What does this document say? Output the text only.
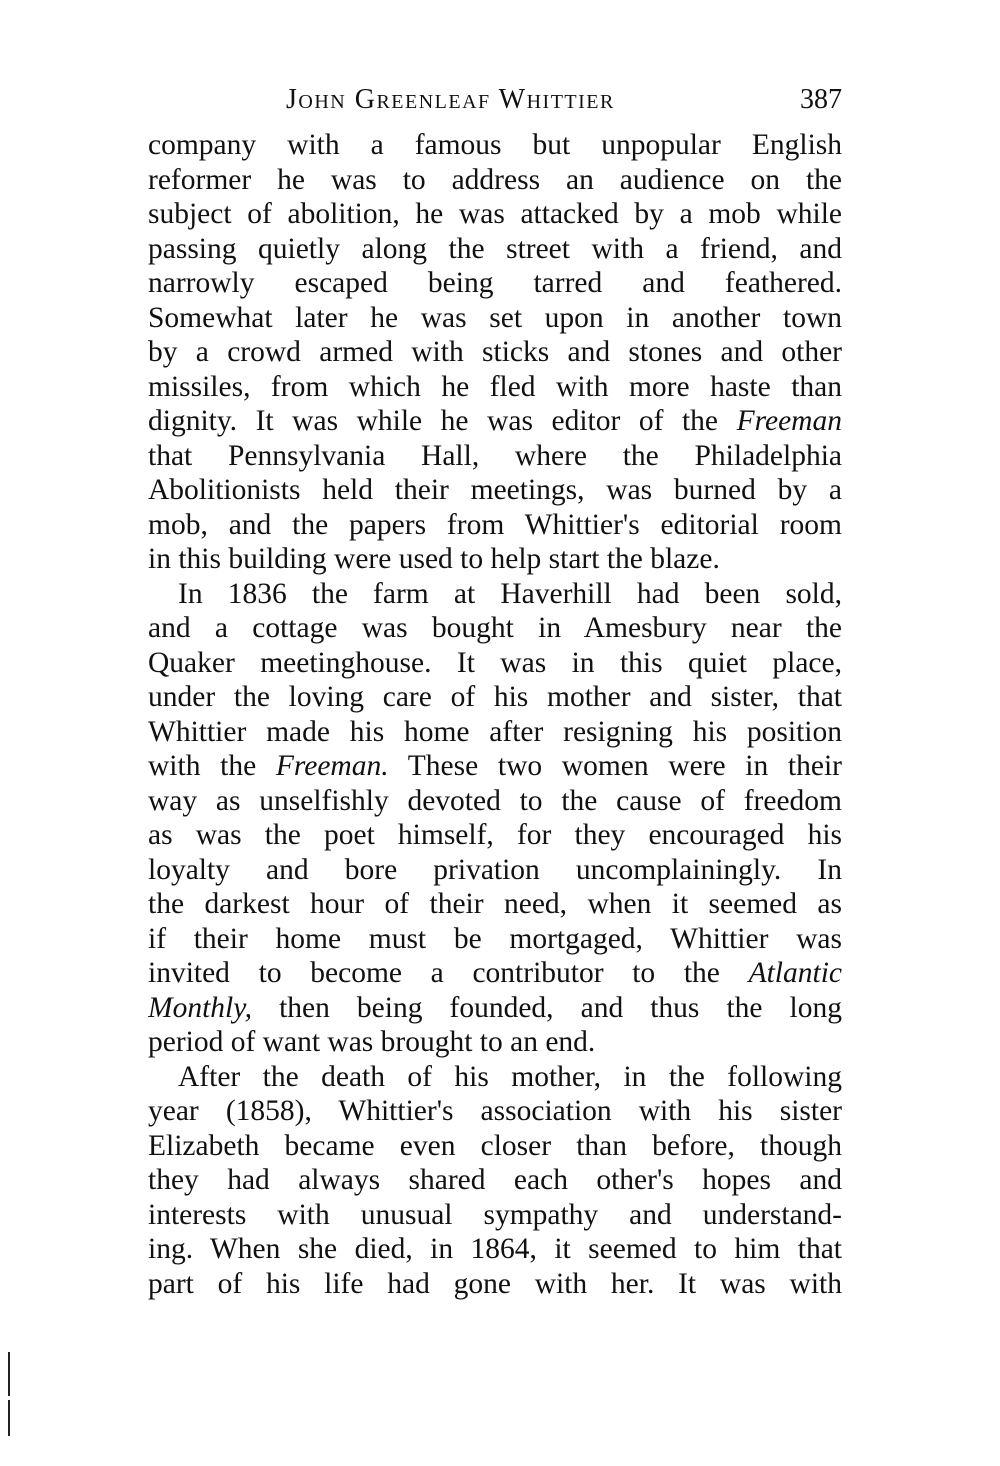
John Greenleaf Whittier	387
company with a famous but unpopular English
reformer he was to address an audience on the
subject of abolition, he was attacked by a mob while
passing quietly along the street with a friend, and
narrowly escaped being tarred and feathered.
Somewhat later he was set upon in another town
by a crowd armed with sticks and stones and other
missiles, from which he fled with more haste than
dignity. It was while he was editor of the Freeman
that Pennsylvania Hall, where the Philadelphia
Abolitionists held their meetings, was burned by a
mob, and the papers from Whittier's editorial room
in this building were used to help start the blaze.
In 1836 the farm at Haverhill had been sold,
and a cottage was bought in Amesbury near the
Quaker meetinghouse. It was in this quiet place,
under the loving care of his mother and sister, that
Whittier made his home after resigning his position
with the Freeman. These two women were in their
way as unselfishly devoted to the cause of freedom
as was the poet himself, for they encouraged his
loyalty and bore privation uncomplainingly. In
the darkest hour of their need, when it seemed as
if their home must be mortgaged, Whittier was
invited to become a contributor to the Atlantic
Monthly, then being founded, and thus the long
period of want was brought to an end.
After the death of his mother, in the following
year (1858), Whittier's association with his sister
Elizabeth became even closer than before, though
they had always shared each other's hopes and
interests with unusual sympathy and understand-
ing. When she died, in 1864, it seemed to him that
part of his life had gone with her. It was with
